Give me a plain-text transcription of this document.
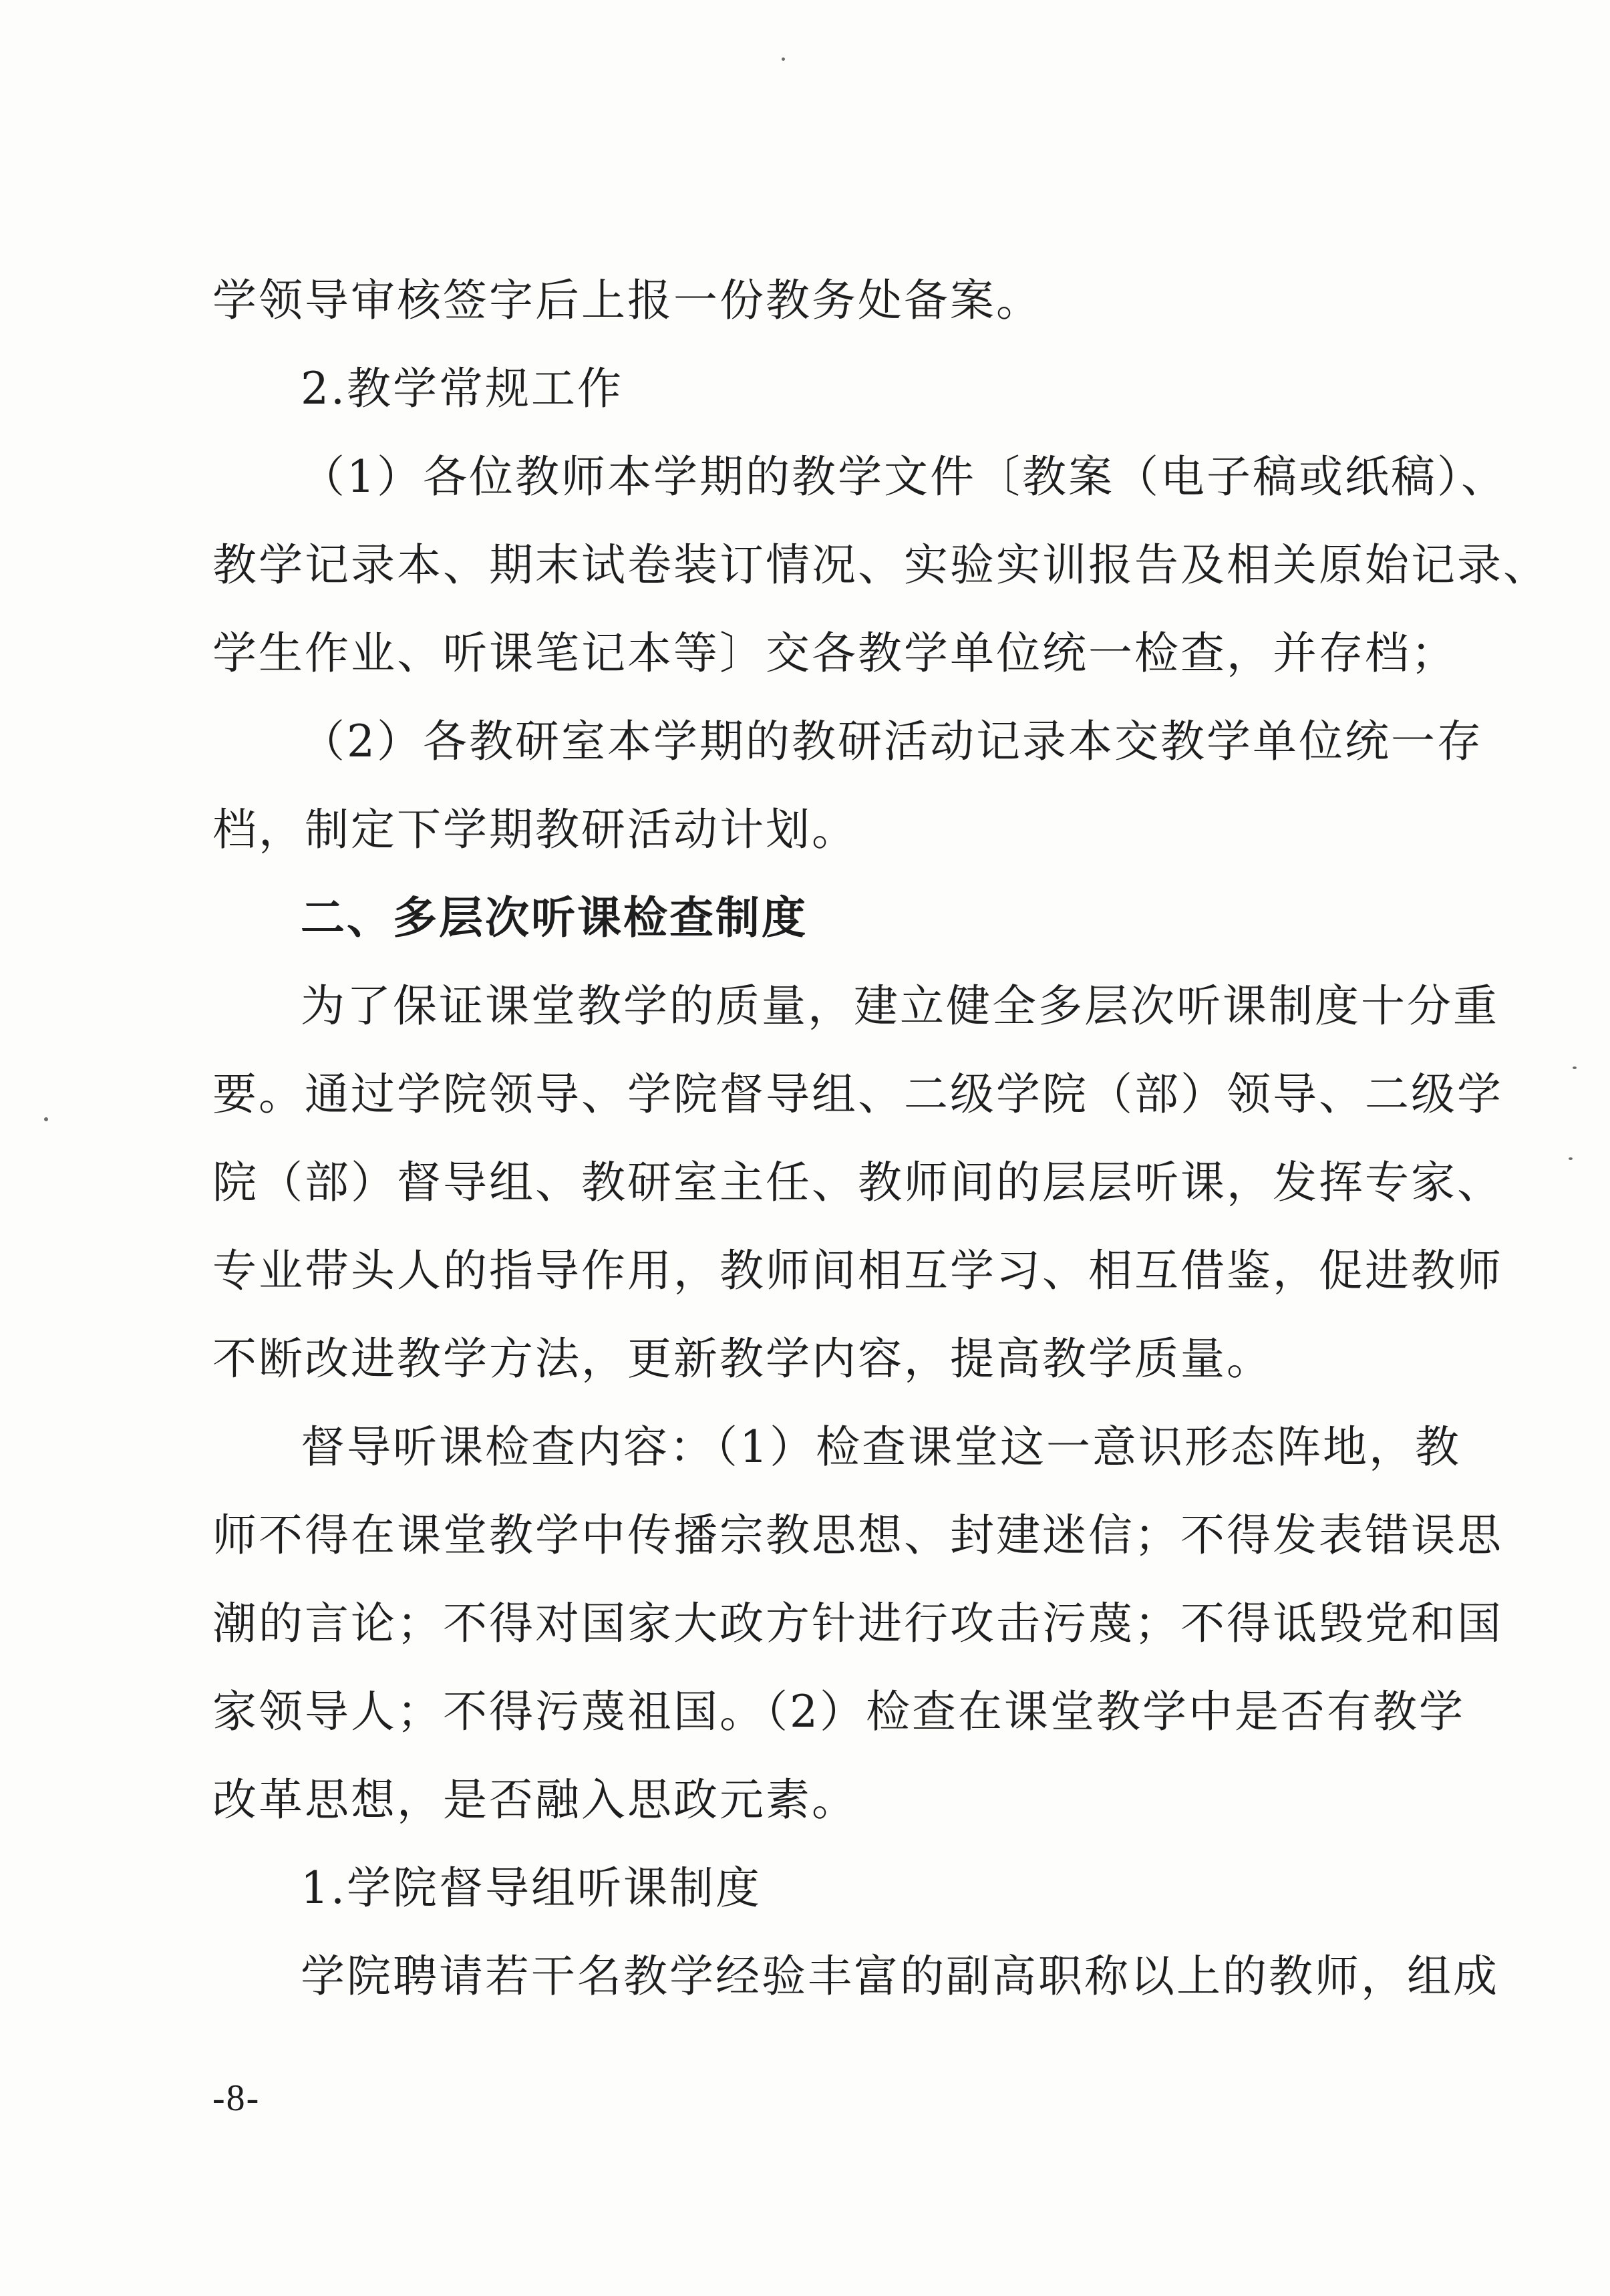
学领导审核签字后上报一份教务处备案。
2.教学常规工作
（1）各位教师本学期的教学文件〔教案（电子稿或纸稿）、
教学记录本、期末试卷装订情况、实验实训报告及相关原始记录、
学生作业、听课笔记本等〕交各教学单位统一检查，并存档；
（2）各教研室本学期的教研活动记录本交教学单位统一存
档，制定下学期教研活动计划。
二、多层次听课检查制度
为了保证课堂教学的质量，建立健全多层次听课制度十分重
要。通过学院领导、学院督导组、二级学院（部）领导、二级学
院（部）督导组、教研室主任、教师间的层层听课，发挥专家、
专业带头人的指导作用，教师间相互学习、相互借鉴，促进教师
不断改进教学方法，更新教学内容，提高教学质量。
督导听课检查内容：（1）检查课堂这一意识形态阵地，教
师不得在课堂教学中传播宗教思想、封建迷信；不得发表错误思
潮的言论；不得对国家大政方针进行攻击污蔑；不得诋毁党和国
家领导人；不得污蔑祖国。（2）检查在课堂教学中是否有教学
改革思想，是否融入思政元素。
1.学院督导组听课制度
学院聘请若干名教学经验丰富的副高职称以上的教师，组成
-8-
